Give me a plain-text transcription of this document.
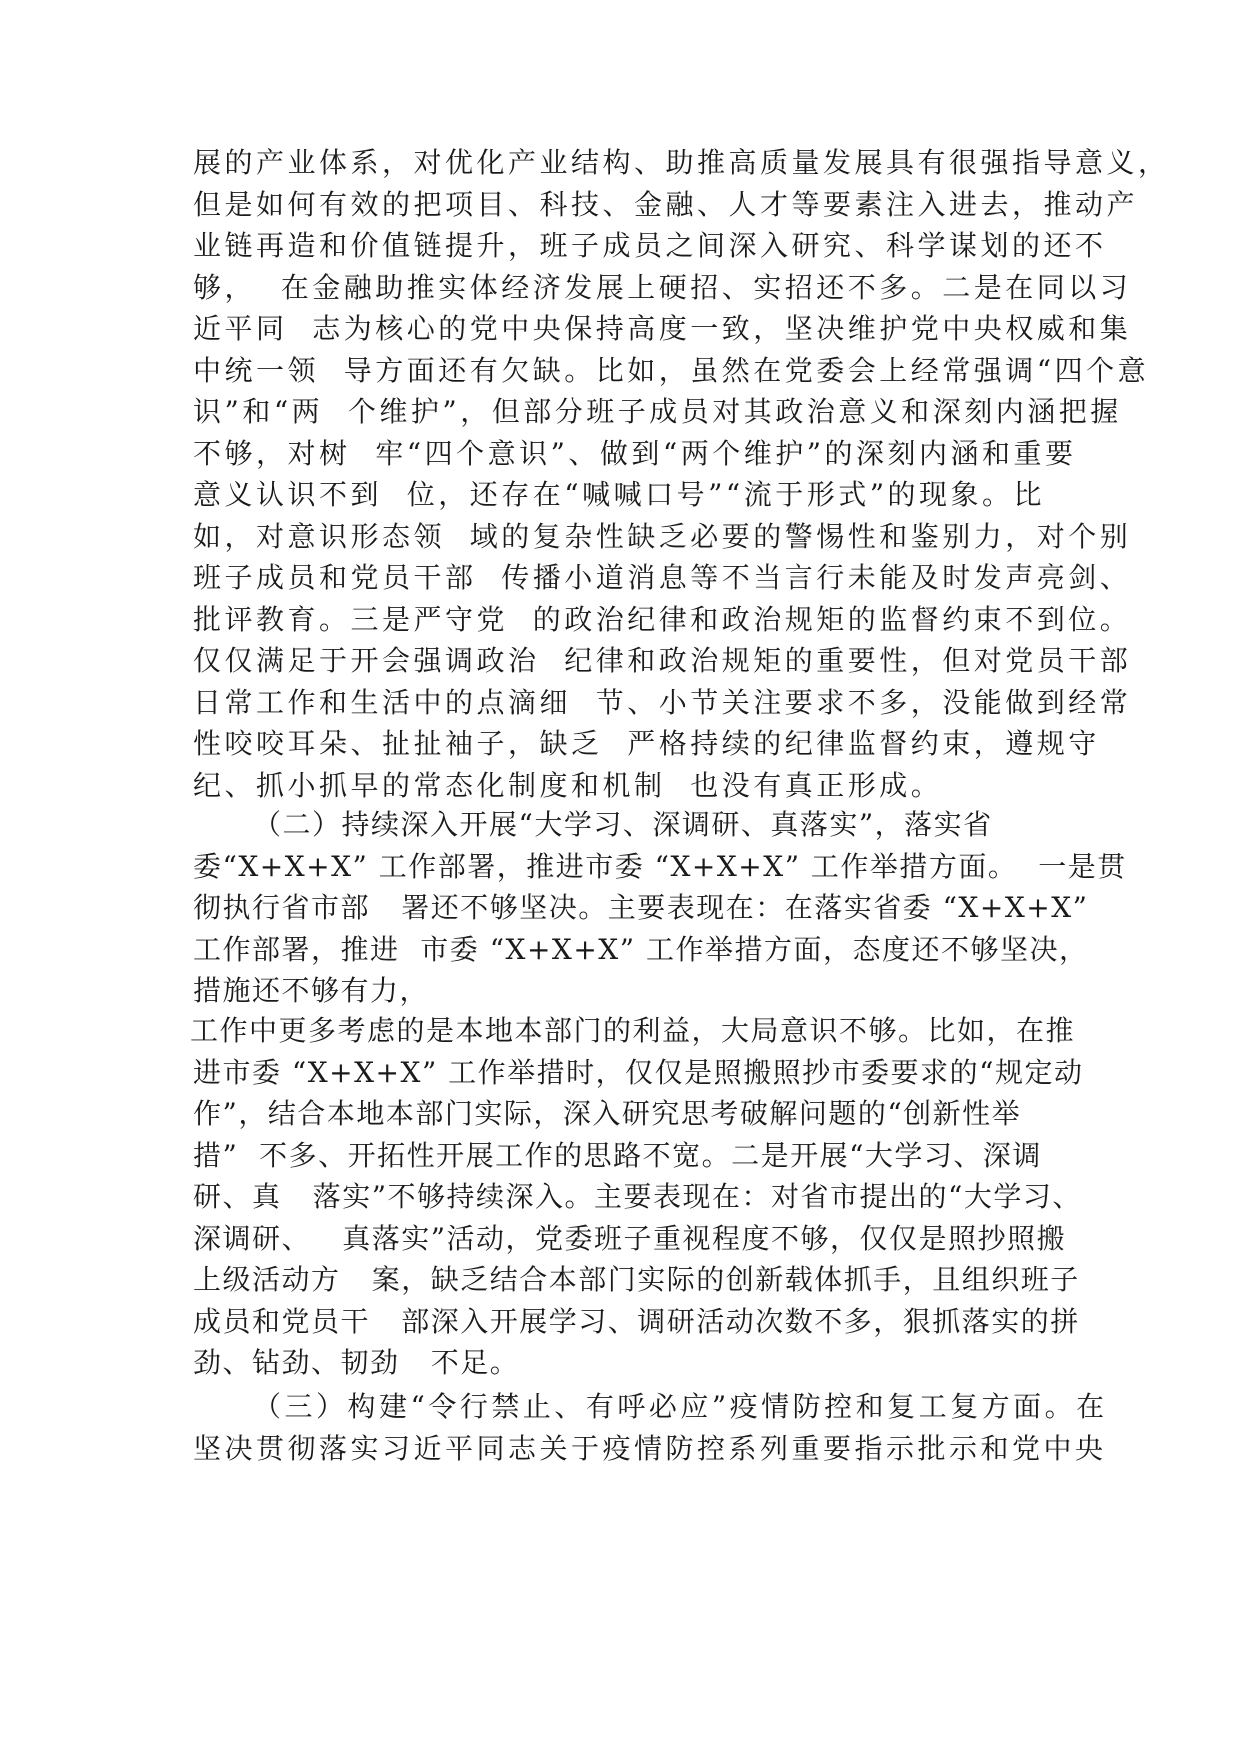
展的产业体系，对优化产业结构、助推高质量发展具有很强指导意义，
但是如何有效的把项目、科技、金融、人才等要素注入进去，推动产
业链再造和价值链提升，班子成员之间深入研究、科学谋划的还不
够，  在金融助推实体经济发展上硬招、实招还不多。二是在同以习
近平同  志为核心的党中央保持高度一致，坚决维护党中央权威和集
中统一领  导方面还有欠缺。比如，虽然在党委会上经常强调“四个意
识”和“两  个维护”，但部分班子成员对其政治意义和深刻内涵把握
不够，对树  牢“四个意识”、做到“两个维护”的深刻内涵和重要
意义认识不到  位，还存在“喊喊口号”“流于形式”的现象。比
如，对意识形态领  域的复杂性缺乏必要的警惕性和鉴别力，对个别
班子成员和党员干部  传播小道消息等不当言行未能及时发声亮剑、
批评教育。三是严守党  的政治纪律和政治规矩的监督约束不到位。
仅仅满足于开会强调政治  纪律和政治规矩的重要性，但对党员干部
日常工作和生活中的点滴细  节、小节关注要求不多，没能做到经常
性咬咬耳朵、扯扯袖子，缺乏  严格持续的纪律监督约束，遵规守
纪、抓小抓早的常态化制度和机制  也没有真正形成。
（二）持续深入开展“大学习、深调研、真落实”，落实省
委“X+X+X” 工作部署，推进市委 “X+X+X” 工作举措方面。  一是贯
彻执行省市部   署还不够坚决。主要表现在：在落实省委 “X+X+X”
工作部署，推进  市委 “X+X+X” 工作举措方面，态度还不够坚决，
措施还不够有力，
工作中更多考虑的是本地本部门的利益，大局意识不够。比如，在推
进市委 “X+X+X” 工作举措时，仅仅是照搬照抄市委要求的“规定动
作”，结合本地本部门实际，深入研究思考破解问题的“创新性举
措”  不多、开拓性开展工作的思路不宽。二是开展“大学习、深调
研、真   落实”不够持续深入。主要表现在：对省市提出的“大学习、
深调研、   真落实”活动，党委班子重视程度不够，仅仅是照抄照搬
上级活动方   案，缺乏结合本部门实际的创新载体抓手，且组织班子
成员和党员干   部深入开展学习、调研活动次数不多，狠抓落实的拼
劲、钻劲、韧劲   不足。
（三）构建“令行禁止、有呼必应”疫情防控和复工复方面。在
坚决贯彻落实习近平同志关于疫情防控系列重要指示批示和党中央
